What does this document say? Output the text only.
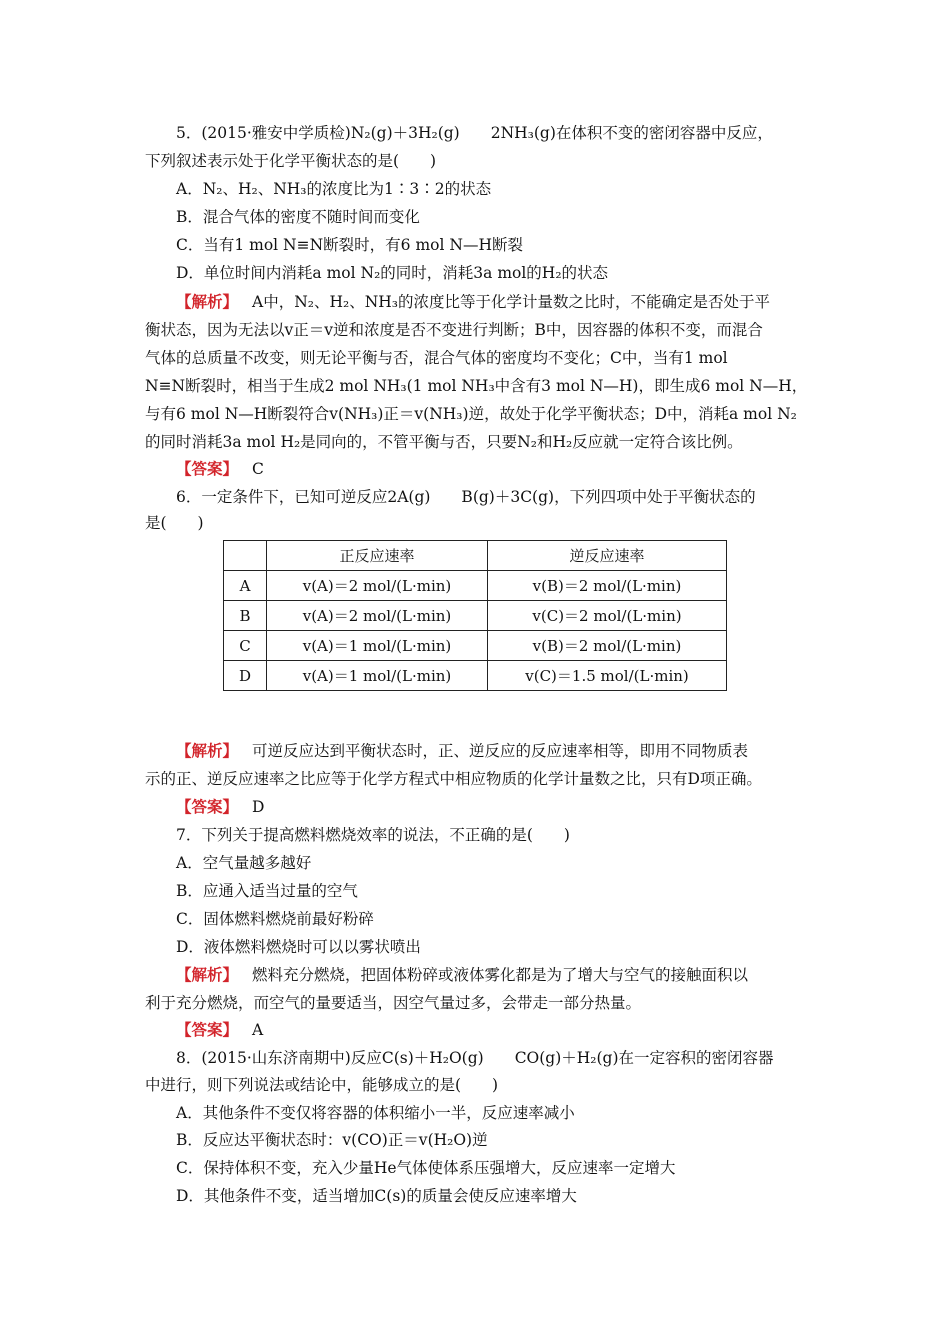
5．(2015·雅安中学质检)N₂(g)＋3H₂(g)　　2NH₃(g)在体积不变的密闭容器中反应，
下列叙述表示处于化学平衡状态的是(　　)
A．N₂、H₂、NH₃的浓度比为1∶3∶2的状态
B．混合气体的密度不随时间而变化
C．当有1 mol N≡N断裂时，有6 mol N—H断裂
D．单位时间内消耗a mol N₂的同时，消耗3a mol的H₂的状态
【解析】 A中，N₂、H₂、NH₃的浓度比等于化学计量数之比时，不能确定是否处于平
衡状态，因为无法以v正＝v逆和浓度是否不变进行判断；B中，因容器的体积不变，而混合
气体的总质量不改变，则无论平衡与否，混合气体的密度均不变化；C中，当有1 mol
N≡N断裂时，相当于生成2 mol NH₃(1 mol NH₃中含有3 mol N—H)，即生成6 mol N—H，
与有6 mol N—H断裂符合v(NH₃)正＝v(NH₃)逆，故处于化学平衡状态；D中，消耗a mol N₂
的同时消耗3a mol H₂是同向的，不管平衡与否，只要N₂和H₂反应就一定符合该比例。
【答案】 C
6．一定条件下，已知可逆反应2A(g)　　B(g)＋3C(g)，下列四项中处于平衡状态的
是(　　)
	正反应速率	逆反应速率
A	v(A)＝2 mol/(L·min)	v(B)＝2 mol/(L·min)
B	v(A)＝2 mol/(L·min)	v(C)＝2 mol/(L·min)
C	v(A)＝1 mol/(L·min)	v(B)＝2 mol/(L·min)
D	v(A)＝1 mol/(L·min)	v(C)＝1.5 mol/(L·min)
【解析】 可逆反应达到平衡状态时，正、逆反应的反应速率相等，即用不同物质表
示的正、逆反应速率之比应等于化学方程式中相应物质的化学计量数之比，只有D项正确。
【答案】 D
7．下列关于提高燃料燃烧效率的说法，不正确的是(　　)
A．空气量越多越好
B．应通入适当过量的空气
C．固体燃料燃烧前最好粉碎
D．液体燃料燃烧时可以以雾状喷出
【解析】 燃料充分燃烧，把固体粉碎或液体雾化都是为了增大与空气的接触面积以
利于充分燃烧，而空气的量要适当，因空气量过多，会带走一部分热量。
【答案】 A
8．(2015·山东济南期中)反应C(s)＋H₂O(g)　　CO(g)＋H₂(g)在一定容积的密闭容器
中进行，则下列说法或结论中，能够成立的是(　　)
A．其他条件不变仅将容器的体积缩小一半，反应速率减小
B．反应达平衡状态时：v(CO)正＝v(H₂O)逆
C．保持体积不变，充入少量He气体使体系压强增大，反应速率一定增大
D．其他条件不变，适当增加C(s)的质量会使反应速率增大
